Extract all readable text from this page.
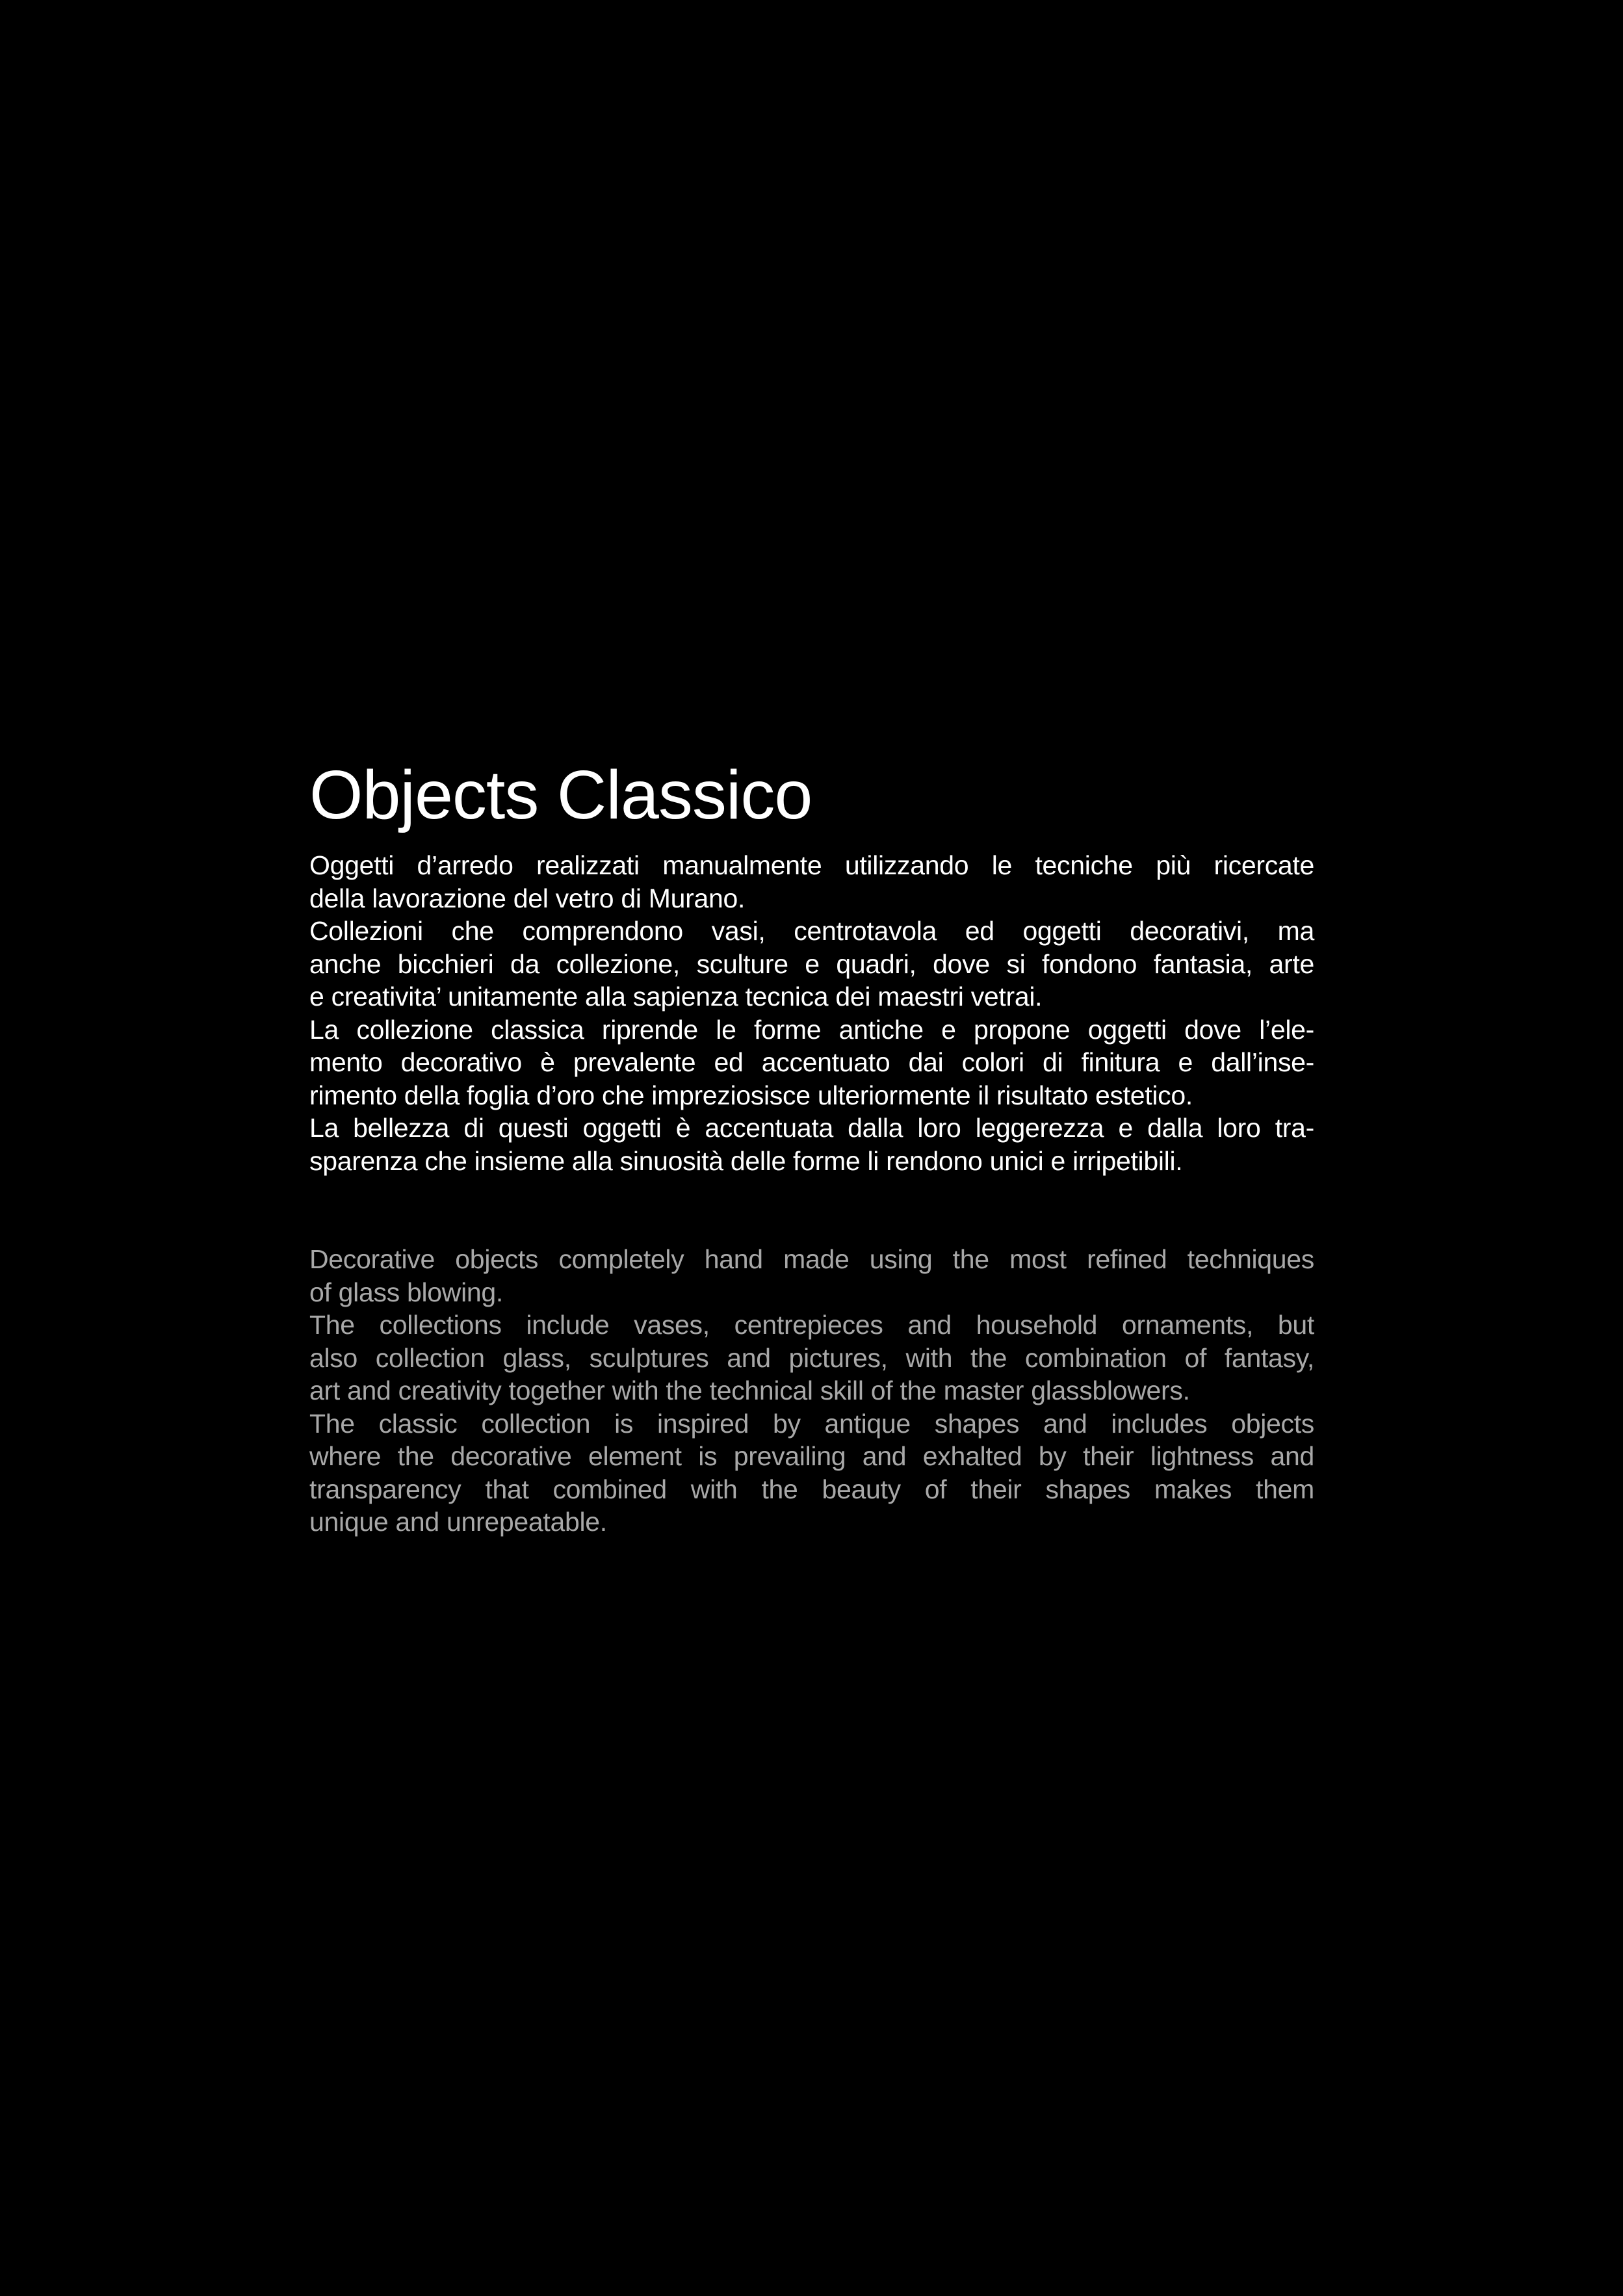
Objects Classico
Oggetti d’arredo realizzati manualmente utilizzando le tecniche più ricercate
della lavorazione del vetro di Murano.
Collezioni che comprendono vasi, centrotavola ed oggetti decorativi, ma
anche bicchieri da collezione, sculture e quadri, dove si fondono fantasia, arte
e creativita’ unitamente alla sapienza tecnica dei maestri vetrai.
La collezione classica riprende le forme antiche e propone oggetti dove l’ele-
mento decorativo è prevalente ed accentuato dai colori di finitura e dall’inse-
rimento della foglia d’oro che impreziosisce ulteriormente il risultato estetico.
La bellezza di questi oggetti è accentuata dalla loro leggerezza e dalla loro tra-
sparenza che insieme alla sinuosità delle forme li rendono unici e irripetibili.
Decorative objects completely hand made using the most refined techniques
of glass blowing.
The collections include vases, centrepieces and household ornaments, but
also collection glass, sculptures and pictures, with the combination of fantasy,
art and creativity together with the technical skill of the master glassblowers.
The classic collection is inspired by antique shapes and includes objects
where the decorative element is prevailing and exhalted by their lightness and
transparency that combined with the beauty of their shapes makes them
unique and unrepeatable.
